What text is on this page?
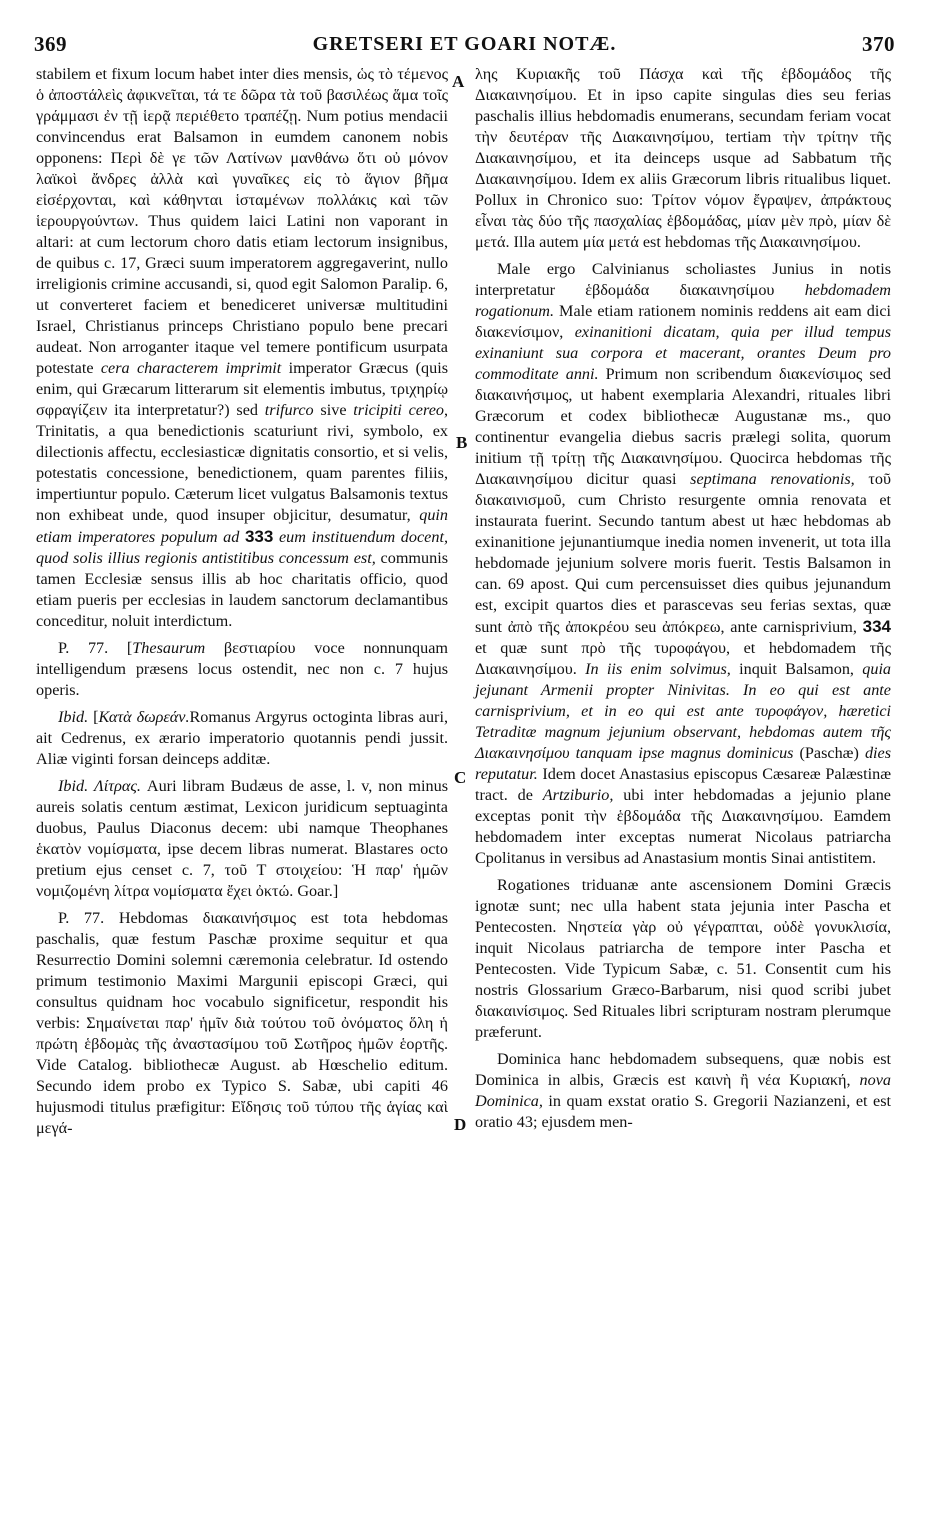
369	GRETSERI ET GOARI NOTÆ.	370
A
B
C
D

stabilem et fixum locum habet inter dies mensis, ὡς τὸ τέμενος ὁ ἀποστάλεὶς ἀφικνεῖται, τά τε δῶρα τὰ τοῦ βασιλέως ἅμα τοῖς γράμμασι ἐν τῇ ἱερᾷ περιέθετο τραπέζῃ. Num potius mendacii convincendus erat Balsamon in eumdem canonem nobis opponens: Περὶ δὲ γε τῶν Λατίνων μανθάνω ὅτι οὐ μόνον λαϊκοὶ ἄνδρες ἀλλὰ καὶ γυναῖκες εἰς τὸ ἅγιον βῆμα εἰσέρχονται, καὶ κάθηνται ἱσταμένων πολλάκις καὶ τῶν ἱερουργούντων. Thus quidem laici Latini non vaporant in altari: at cum lectorum choro datis etiam lectorum insignibus, de quibus c. 17, Græci suum imperatorem aggregaverint, nullo irreligionis crimine accusandi, si, quod egit Salomon Paralip. 6, ut converteret faciem et benediceret universæ multitudini Israel, Christianus princeps Christiano populo bene precari audeat. Non arroganter itaque vel temere pontificum usurpata potestate cera characterem imprimit imperator Græcus (quis enim, qui Græcarum litterarum sit elementis imbutus, τριχηρίῳ σφραγίζειν ita interpretatur?) sed trifurco sive tricipiti cereo, Trinitatis, a qua benedictionis scaturiunt rivi, symbolo, ex dilectionis affectu, ecclesiasticæ dignitatis consortio, et si velis, potestatis concessione, benedictionem, quam parentes filiis, impertiuntur populo. Cæterum licet vulgatus Balsamonis textus non exhibeat unde, quod insuper objicitur, desumatur, quin etiam imperatores populum ad 333 eum instituendum docent, quod solis illius regionis antistitibus concessum est, communis tamen Ecclesiæ sensus illis ab hoc charitatis officio, quod etiam pueris per ecclesias in laudem sanctorum declamantibus conceditur, noluit interdictum.

P. 77. [Thesaurum βεστιαρίου voce nonnunquam intelligendum præsens locus ostendit, nec non c. 7 hujus operis.

Ibid. [Κατὰ δωρεάν.Romanus Argyrus octoginta libras auri, ait Cedrenus, ex ærario imperatorio quotannis pendi jussit. Aliæ viginti forsan deinceps additæ.

Ibid. Λίτρας. Auri libram Budæus de asse, l. v, non minus aureis solatis centum æstimat, Lexicon juridicum septuaginta duobus, Paulus Diaconus decem: ubi namque Theophanes ἑκατὸν νομίσματα, ipse decem libras numerat. Blastares octo pretium ejus censet c. 7, τοῦ Τ στοιχείου: Ἡ παρ' ἡμῶν νομιζομένη λίτρα νομίσματα ἔχει ὀκτώ. Goar.]

P. 77. Hebdomas διακαινήσιμος est tota hebdomas paschalis, quæ festum Paschæ proxime sequitur et qua Resurrectio Domini solemni cæremonia celebratur. Id ostendo primum testimonio Maximi Margunii episcopi Græci, qui consultus quidnam hoc vocabulo significetur, respondit his verbis: Σημαίνεται παρ' ἡμῖν διὰ τούτου τοῦ ὀνόματος ὅλη ἡ πρώτη ἑβδομὰς τῆς ἀναστασίμου τοῦ Σωτῆρος ἡμῶν ἑορτῆς. Vide Catalog. bibliothecæ August. ab Hœschelio editum. Secundo idem probo ex Typico S. Sabæ, ubi capiti 46 hujusmodi titulus præfigitur: Εἴδησις τοῦ τύπου τῆς ἁγίας καὶ μεγά-

λης Κυριακῆς τοῦ Πάσχα καὶ τῆς ἑβδομάδος τῆς Διακαινησίμου. Et in ipso capite singulas dies seu ferias paschalis illius hebdomadis enumerans, secundam feriam vocat τὴν δευτέραν τῆς Διακαινησίμου, tertiam τὴν τρίτην τῆς Διακαινησίμου, et ita deinceps usque ad Sabbatum τῆς Διακαινησίμου. Idem ex aliis Græcorum libris ritualibus liquet. Pollux in Chronico suo: Τρίτον νόμον ἔγραψεν, ἀπράκτους εἶναι τὰς δύο τῆς πασχαλίας ἑβδομάδας, μίαν μὲν πρὸ, μίαν δὲ μετά. Illa autem μία μετά est hebdomas τῆς Διακαινησίμου.

Male ergo Calvinianus scholiastes Junius in notis interpretatur ἑβδομάδα διακαινησίμου hebdomadem rogationum. Male etiam rationem nominis reddens ait eam dici διακενίσιμον, exinanitioni dicatam, quia per illud tempus exinaniunt sua corpora et macerant, orantes Deum pro commoditate anni. Primum non scribendum διακενίσιμος sed διακαινήσιμος, ut habent exemplaria Alexandri, rituales libri Græcorum et codex bibliothecæ Augustanæ ms., quo continentur evangelia diebus sacris prælegi solita, quorum initium τῇ τρίτῃ τῆς Διακαινησίμου. Quocirca hebdomas τῆς Διακαινησίμου dicitur quasi septimana renovationis, τοῦ διακαινισμοῦ, cum Christo resurgente omnia renovata et instaurata fuerint. Secundo tantum abest ut hæc hebdomas ab exinanitione jejunantiumque inedia nomen invenerit, ut tota illa hebdomade jejunium solvere moris fuerit. Testis Balsamon in can. 69 apost. Qui cum percensuisset dies quibus jejunandum est, excipit quartos dies et parascevas seu ferias sextas, quæ sunt ἀπὸ τῆς ἀποκρέου seu ἀπόκρεω, ante carnisprivium, 334 et quæ sunt πρὸ τῆς τυροφάγου, et hebdomadem τῆς Διακαινησίμου. In iis enim solvimus, inquit Balsamon, quia jejunant Armenii propter Ninivitas. In eo qui est ante carnisprivium, et in eo qui est ante τυροφάγον, hæretici Tetraditæ magnum jejunium observant, hebdomas autem τῆς Διακαινησίμου tanquam ipse magnus dominicus (Paschæ) dies reputatur. Idem docet Anastasius episcopus Cæsareæ Palæstinæ tract. de Artziburio, ubi inter hebdomadas a jejunio plane exceptas ponit τὴν ἑβδομάδα τῆς Διακαινησίμου. Eamdem hebdomadem inter exceptas numerat Nicolaus patriarcha Cpolitanus in versibus ad Anastasium montis Sinai antistitem.

Rogationes triduanæ ante ascensionem Domini Græcis ignotæ sunt; nec ulla habent stata jejunia inter Pascha et Pentecosten. Νηστεία γὰρ οὐ γέγραπται, οὐδὲ γονυκλισία, inquit Nicolaus patriarcha de tempore inter Pascha et Pentecosten. Vide Typicum Sabæ, c. 51. Consentit cum his nostris Glossarium Græco-Barbarum, nisi quod scribi jubet διακαινίσιμος. Sed Rituales libri scripturam nostram plerumque præferunt.

Dominica hanc hebdomadem subsequens, quæ nobis est Dominica in albis, Græcis est καινὴ ἢ νέα Κυριακή, nova Dominica, in quam exstat oratio S. Gregorii Nazianzeni, et est oratio 43; ejusdem men-
